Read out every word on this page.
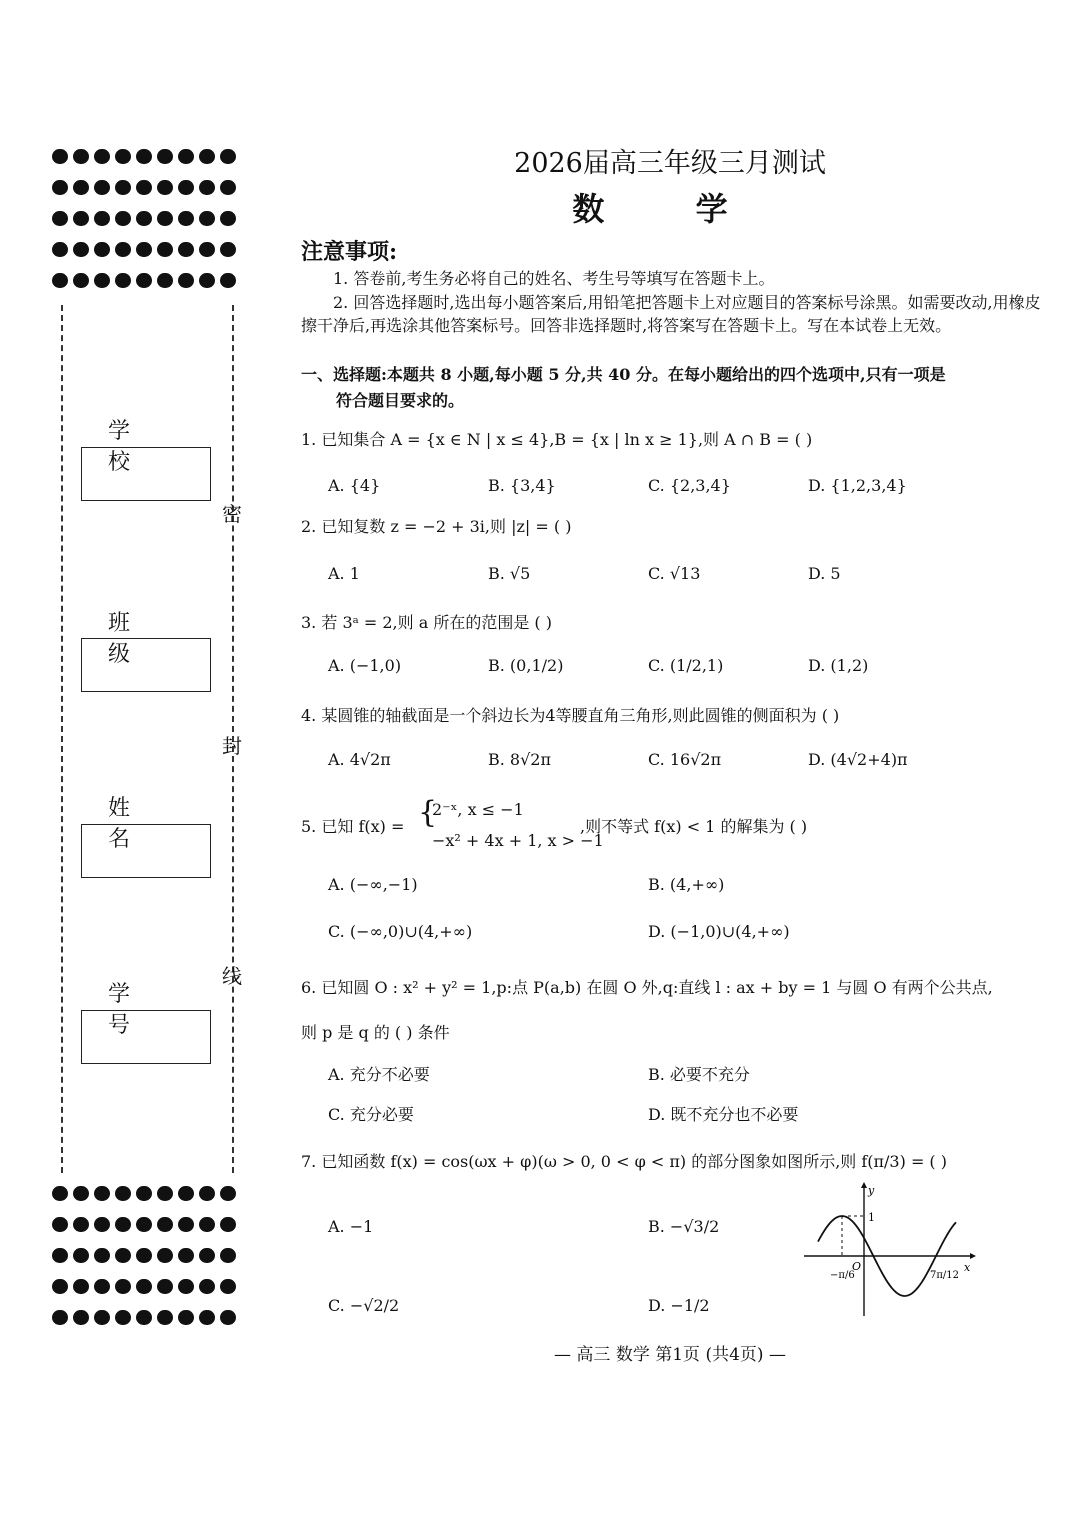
密
封
线
学 校
班 级
姓 名
学 号
2026届高三年级三月测试
数 学
注意事项:
1. 答卷前,考生务必将自己的姓名、考生号等填写在答题卡上。
2. 回答选择题时,选出每小题答案后,用铅笔把答题卡上对应题目的答案标号涂黑。如需要改动,用橡皮擦干净后,再选涂其他答案标号。回答非选择题时,将答案写在答题卡上。写在本试卷上无效。
一、选择题:本题共 8 小题,每小题 5 分,共 40 分。在每小题给出的四个选项中,只有一项是
符合题目要求的。
1. 已知集合 A = {x ∈ N | x ≤ 4},B = {x | ln x ≥ 1},则 A ∩ B = ( )
A. {4}	B. {3,4}	C. {2,3,4}	D. {1,2,3,4}
2. 已知复数 z = −2 + 3i,则 |z| = ( )
A. 1	B. √5	C. √13	D. 5
3. 若 3ᵃ = 2,则 a 所在的范围是 ( )
A. (−1,0)	B. (0,1/2)	C. (1/2,1)	D. (1,2)
4. 某圆锥的轴截面是一个斜边长为4等腰直角三角形,则此圆锥的侧面积为 ( )
A. 4√2π	B. 8√2π	C. 16√2π	D. (4√2+4)π
5. 已知 f(x) = {
2⁻ˣ, x ≤ −1
−x² + 4x + 1, x > −1
,则不等式 f(x) < 1 的解集为 ( )
A. (−∞,−1)	B. (4,+∞)
C. (−∞,0)∪(4,+∞)	D. (−1,0)∪(4,+∞)
6. 已知圆 O : x² + y² = 1,p:点 P(a,b) 在圆 O 外,q:直线 l : ax + by = 1 与圆 O 有两个公共点,
则 p 是 q 的 ( ) 条件
A. 充分不必要	B. 必要不充分
C. 充分必要	D. 既不充分也不必要
7. 已知函数 f(x) = cos(ωx + φ)(ω > 0, 0 < φ < π) 的部分图象如图所示,则 f(π/3) = ( )
A. −1	B. −√3/2
C. −√2/2	D. −1/2
y
x
O
1
−π/6	7π/12
— 高三 数学 第1页 (共4页) —
